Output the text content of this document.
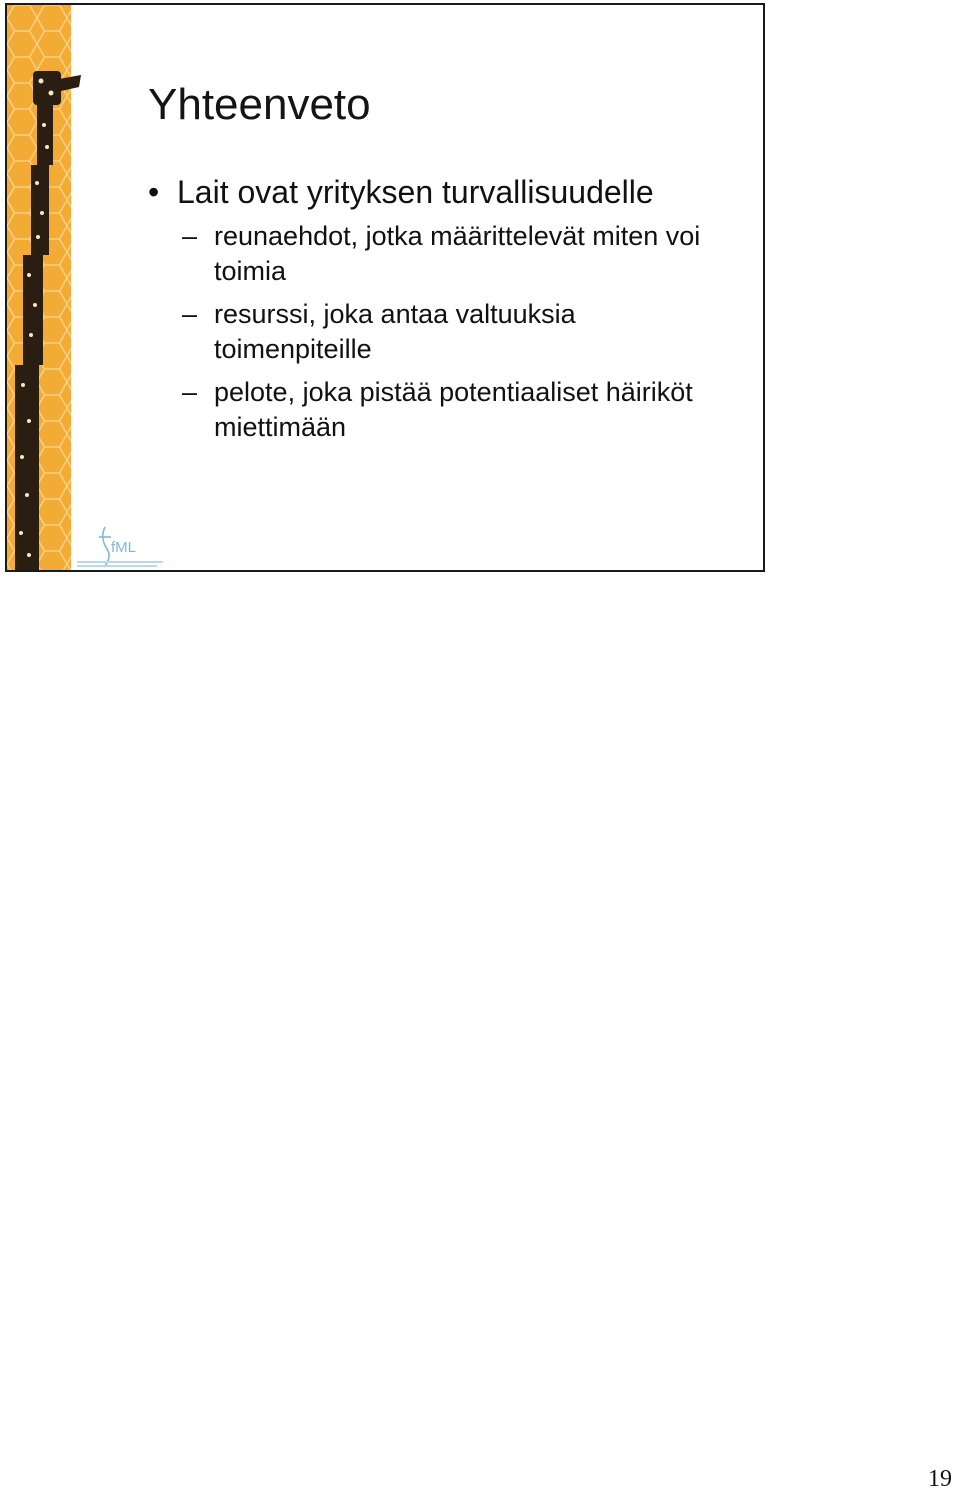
fML
Yhteenveto
• Lait ovat yrityksen turvallisuudelle
– reunaehdot, jotka määrittelevät miten voi toimia
– resurssi, joka antaa valtuuksia toimenpiteille
– pelote, joka pistää potentiaaliset häiriköt miettimään
19
